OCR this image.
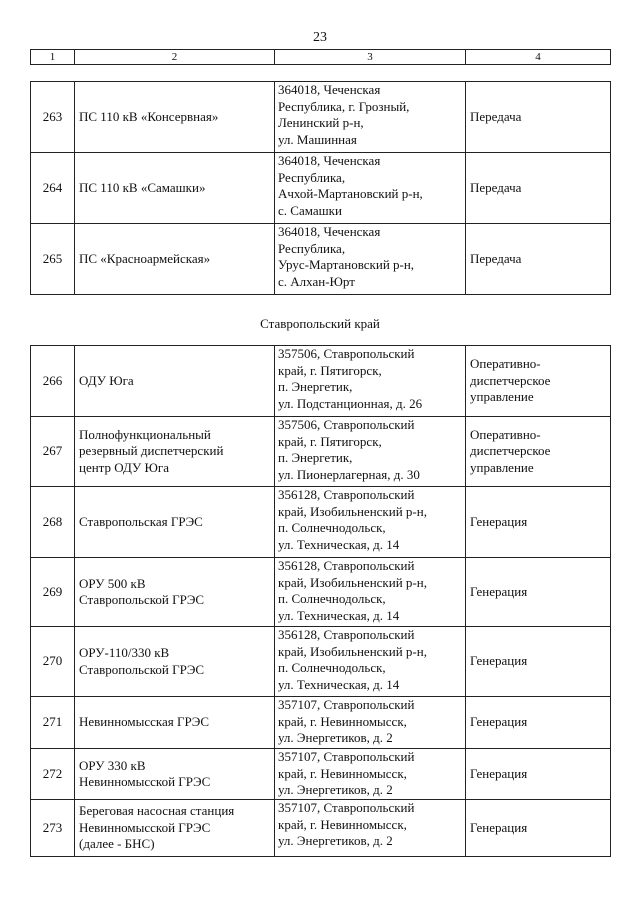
23
1	2	3	4
263	ПС 110 кВ «Консервная»	364018, Чеченская
Республика, г. Грозный,
Ленинский р-н,
ул. Машинная	Передача
264	ПС 110 кВ «Самашки»	364018, Чеченская
Республика,
Ачхой-Мартановский р-н,
с. Самашки	Передача
265	ПС «Красноармейская»	364018, Чеченская
Республика,
Урус-Мартановский р-н,
с. Алхан-Юрт	Передача
Ставропольский край
266	ОДУ Юга	357506, Ставропольский
край, г. Пятигорск,
п. Энергетик,
ул. Подстанционная, д. 26	Оперативно-
диспетчерское
управление
267	Полнофункциональный
резервный диспетчерский
центр ОДУ Юга	357506, Ставропольский
край, г. Пятигорск,
п. Энергетик,
ул. Пионерлагерная, д. 30	Оперативно-
диспетчерское
управление
268	Ставропольская ГРЭС	356128, Ставропольский
край, Изобильненский р-н,
п. Солнечнодольск,
ул. Техническая, д. 14	Генерация
269	ОРУ 500 кВ
Ставропольской ГРЭС	356128, Ставропольский
край, Изобильненский р-н,
п. Солнечнодольск,
ул. Техническая, д. 14	Генерация
270	ОРУ-110/330 кВ
Ставропольской ГРЭС	356128, Ставропольский
край, Изобильненский р-н,
п. Солнечнодольск,
ул. Техническая, д. 14	Генерация
271	Невинномысская ГРЭС	357107, Ставропольский
край, г. Невинномысск,
ул. Энергетиков, д. 2	Генерация
272	ОРУ 330 кВ
Невинномысской ГРЭС	357107, Ставропольский
край, г. Невинномысск,
ул. Энергетиков, д. 2	Генерация
273	Береговая насосная станция
Невинномысской ГРЭС
(далее - БНС)	357107, Ставропольский
край, г. Невинномысск,
ул. Энергетиков, д. 2	Генерация
